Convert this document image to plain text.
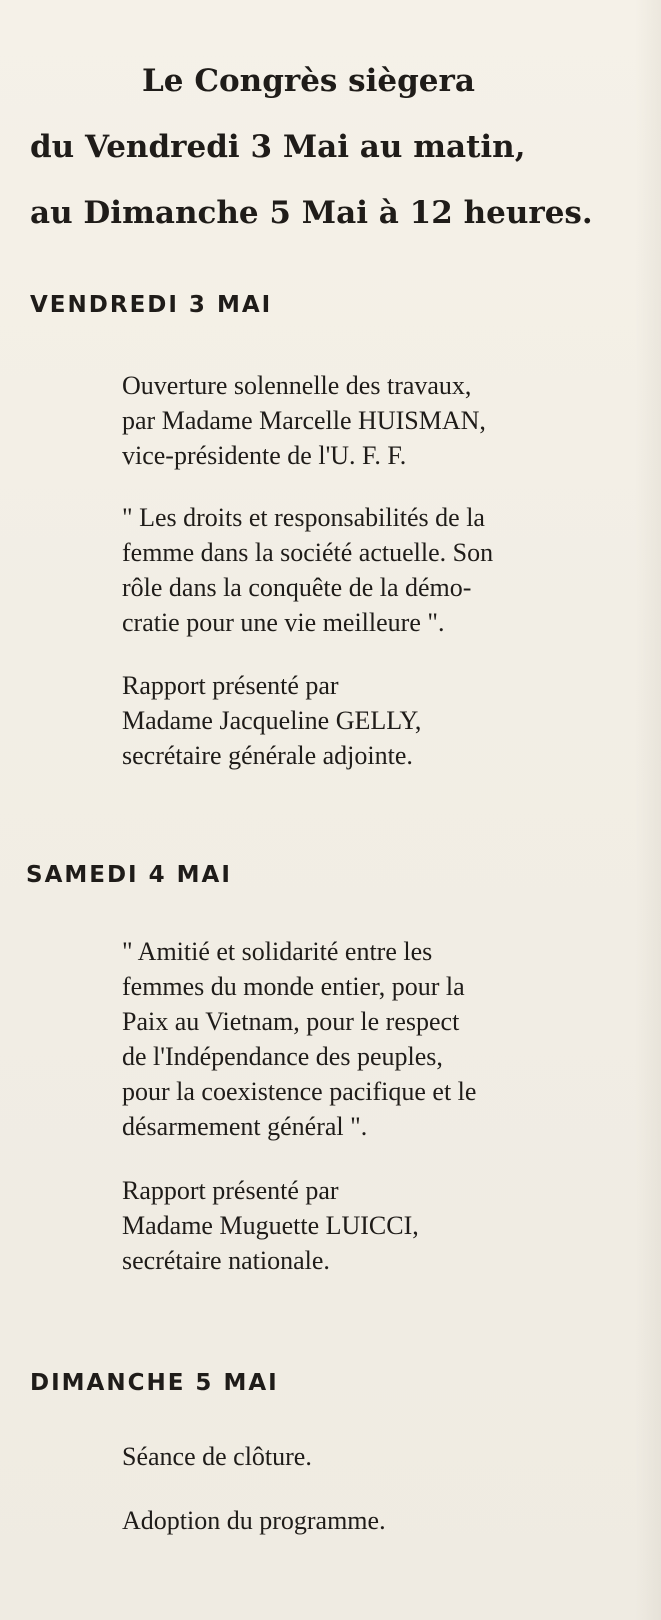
Le Congrès siègera
du Vendredi 3 Mai au matin,
au Dimanche 5 Mai à 12 heures.
VENDREDI 3 MAI

Ouverture solennelle des travaux,

par Madame Marcelle HUISMAN,

vice-présidente de l'U. F. F.

" Les droits et responsabilités de la

femme dans la société actuelle. Son

rôle dans la conquête de la démo-

cratie pour une vie meilleure ".

Rapport présenté par

Madame Jacqueline GELLY,

secrétaire générale adjointe.

SAMEDI 4 MAI

" Amitié et solidarité entre les

femmes du monde entier, pour la

Paix au Vietnam, pour le respect

de l'Indépendance des peuples,

pour la coexistence pacifique et le

désarmement général ".

Rapport présenté par

Madame Muguette LUICCI,

secrétaire nationale.

DIMANCHE 5 MAI

Séance de clôture.

Adoption du programme.
